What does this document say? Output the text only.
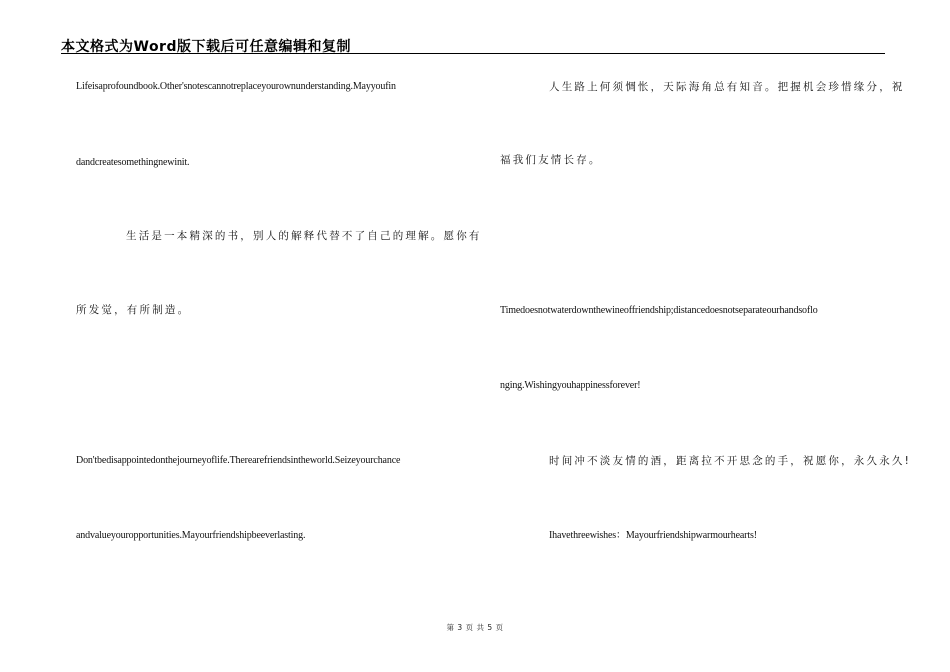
本文格式为Word版下载后可任意编辑和复制
Lifeisaprofoundbook.Other'snotescannotreplaceyourownunderstanding.Mayyoufin
dandcreatesomethingnewinit.
生活是一本精深的书，别人的解释代替不了自己的理解。愿你有
所发觉，有所制造。
Don'tbedisappointedonthejourneyoflife.Therearefriendsintheworld.Seizeyourchance
andvalueyouropportunities.Mayourfriendshipbeeverlasting.
人生路上何须惆怅，天际海角总有知音。把握机会珍惜缘分，祝
福我们友情长存。
Timedoesnotwaterdownthewineoffriendship;distancedoesnotseparateourhandsoflo
nging.Wishingyouhappinessforever!
时间冲不淡友情的酒，距离拉不开思念的手，祝愿你，永久永久!
Ihavethreewishes：Mayourfriendshipwarmourhearts!
第 3 页 共 5 页
